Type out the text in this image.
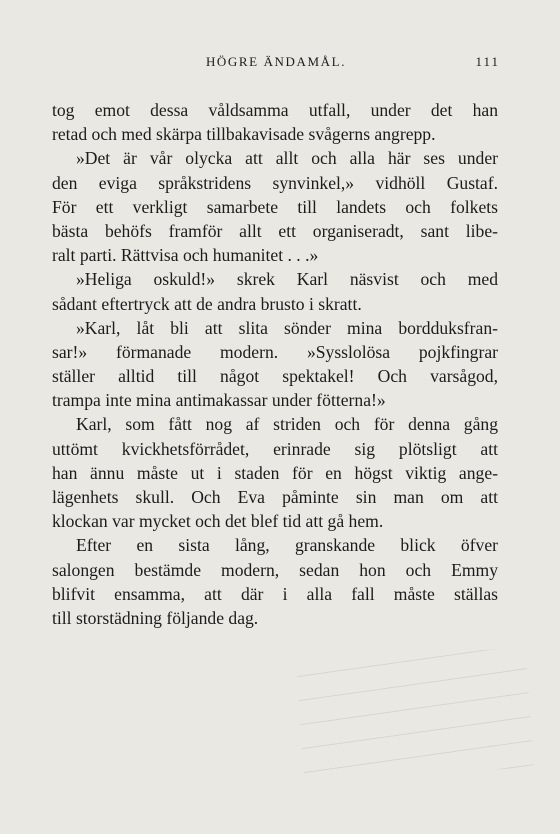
HÖGRE ÄNDAMÅL.	111
tog emot dessa våldsamma utfall, under det han
retad och med skärpa tillbakavisade svågerns angrepp.
»Det är vår olycka att allt och alla här ses under
den eviga språkstridens synvinkel,» vidhöll Gustaf.
För ett verkligt samarbete till landets och folkets
bästa behöfs framför allt ett organiseradt, sant libe-
ralt parti. Rättvisa och humanitet . . .»
»Heliga oskuld!» skrek Karl näsvist och med
sådant eftertryck att de andra brusto i skratt.
»Karl, låt bli att slita sönder mina bordduksfran-
sar!» förmanade modern. »Sysslolösa pojkfingrar
ställer alltid till något spektakel! Och varsågod,
trampa inte mina antimakassar under fötterna!»
Karl, som fått nog af striden och för denna gång
uttömt kvickhetsförrådet, erinrade sig plötsligt att
han ännu måste ut i staden för en högst viktig ange-
lägenhets skull. Och Eva påminte sin man om att
klockan var mycket och det blef tid att gå hem.
Efter en sista lång, granskande blick öfver
salongen bestämde modern, sedan hon och Emmy
blifvit ensamma, att där i alla fall måste ställas
till storstädning följande dag.
